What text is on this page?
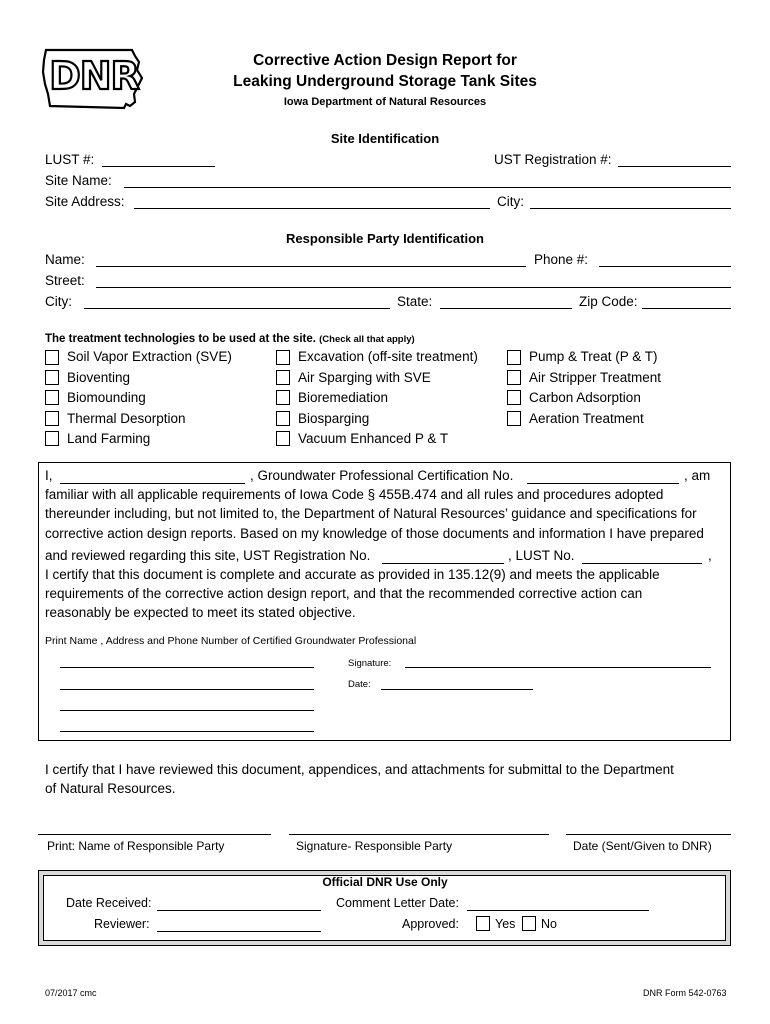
DNR	Corrective Action Design Report for
Leaking Underground Storage Tank Sites
Iowa Department of Natural Resources
Site Identification
LUST #:	UST Registration #:
Site Name:
Site Address:	City:
Responsible Party Identification
Name:	Phone #:
Street:
City:	State:	Zip Code:
The treatment technologies to be used at the site. (Check all that apply)
Soil Vapor Extraction (SVE)
Bioventing
Biomounding
Thermal Desorption
Land Farming
Excavation (off-site treatment)
Air Sparging with SVE
Bioremediation
Biosparging
Vacuum Enhanced P & T
Pump & Treat (P & T)
Air Stripper Treatment
Carbon Adsorption
Aeration Treatment
I,	, Groundwater Professional Certification No.	, am
familiar with all applicable requirements of Iowa Code § 455B.474 and all rules and procedures adopted
thereunder including, but not limited to, the Department of Natural Resources’ guidance and specifications for
corrective action design reports. Based on my knowledge of those documents and information I have prepared
and reviewed regarding this site, UST Registration No.	, LUST No.	,
I certify that this document is complete and accurate as provided in 135.12(9) and meets the applicable
requirements of the corrective action design report, and that the recommended corrective action can
reasonably be expected to meet its stated objective.
Print Name , Address and Phone Number of Certified Groundwater Professional
Signature:
Date:
I certify that I have reviewed this document, appendices, and attachments for submittal to the Department
of Natural Resources.
Print: Name of Responsible Party	Signature- Responsible Party	Date (Sent/Given to DNR)
Official DNR Use Only
Date Received:	Comment Letter Date:
Reviewer:	Approved:	Yes No
07/2017 cmc	DNR Form 542-0763
